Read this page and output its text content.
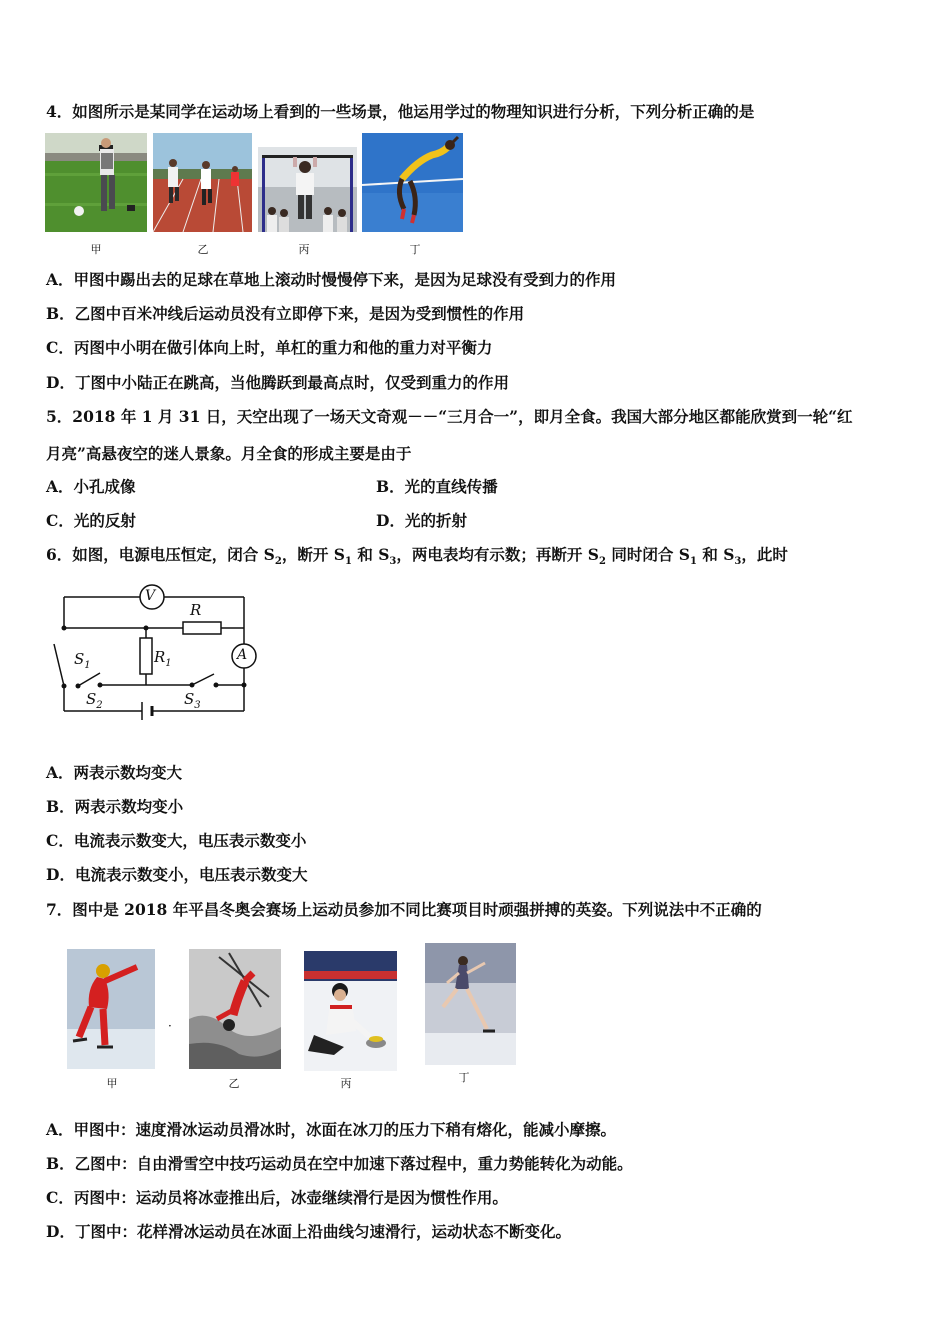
4．如图所示是某同学在运动场上看到的一些场景，他运用学过的物理知识进行分析，下列分析正确的是
甲	乙	丙	丁
A．甲图中踢出去的足球在草地上滚动时慢慢停下来，是因为足球没有受到力的作用
B．乙图中百米冲线后运动员没有立即停下来，是因为受到惯性的作用
C．丙图中小明在做引体向上时，单杠的重力和他的重力对平衡力
D．丁图中小陆正在跳高，当他腾跃到最高点时，仅受到重力的作用
5．2018 年 1 月 31 日，天空出现了一场天文奇观－－“三月合一”，即月全食。我国大部分地区都能欣赏到一轮“红
月亮”高悬夜空的迷人景象。月全食的形成主要是由于
A．小孔成像	B．光的直线传播
C．光的反射	D．光的折射
6．如图，电源电压恒定，闭合 $S_2$，断开 $S_1$ 和 $S_3$，两电表均有示数；再断开 $S_2$ 同时闭合 $S_1$ 和 $S_3$，此时
V
A
R
$R_1$
$S_1$
$S_2$	$S_3$
A．两表示数均变大
B．两表示数均变小
C．电流表示数变大，电压表示数变小
D．电流表示数变小，电压表示数变大
7．图中是 2018 年平昌冬奥会赛场上运动员参加不同比赛项目时顽强拼搏的英姿。下列说法中不正确的
·
甲	乙	丙	丁
A．甲图中：速度滑冰运动员滑冰时，冰面在冰刀的压力下稍有熔化，能减小摩擦。
B．乙图中：自由滑雪空中技巧运动员在空中加速下落过程中，重力势能转化为动能。
C．丙图中：运动员将冰壶推出后，冰壶继续滑行是因为惯性作用。
D．丁图中：花样滑冰运动员在冰面上沿曲线匀速滑行，运动状态不断变化。
